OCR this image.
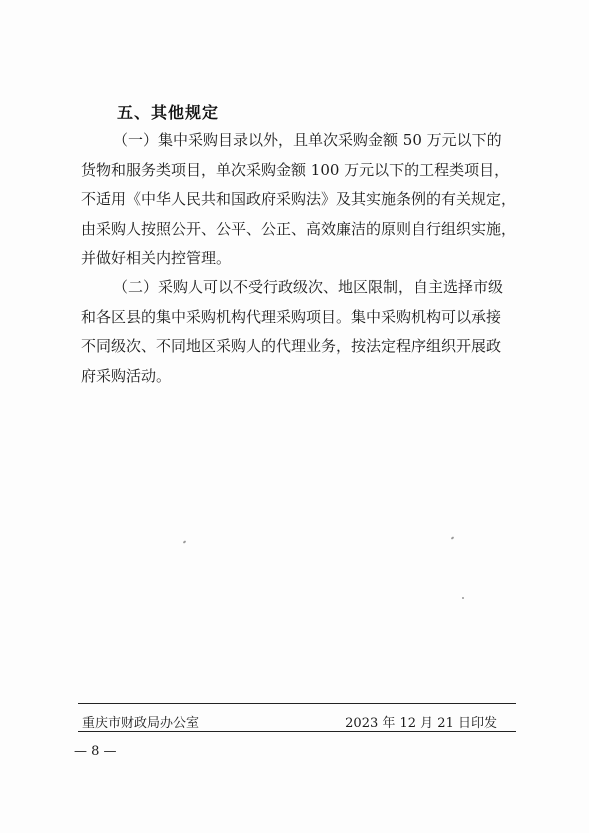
五、其他规定
（一）集中采购目录以外，且单次采购金额 50 万元以下的
货物和服务类项目，单次采购金额 100 万元以下的工程类项目，
不适用《中华人民共和国政府采购法》及其实施条例的有关规定，
由采购人按照公开、公平、公正、高效廉洁的原则自行组织实施，
并做好相关内控管理。
（二）采购人可以不受行政级次、地区限制，自主选择市级
和各区县的集中采购机构代理采购项目。集中采购机构可以承接
不同级次、不同地区采购人的代理业务，按法定程序组织开展政
府采购活动。
重庆市财政局办公室	2023 年 12 月 21 日印发
— 8 —
